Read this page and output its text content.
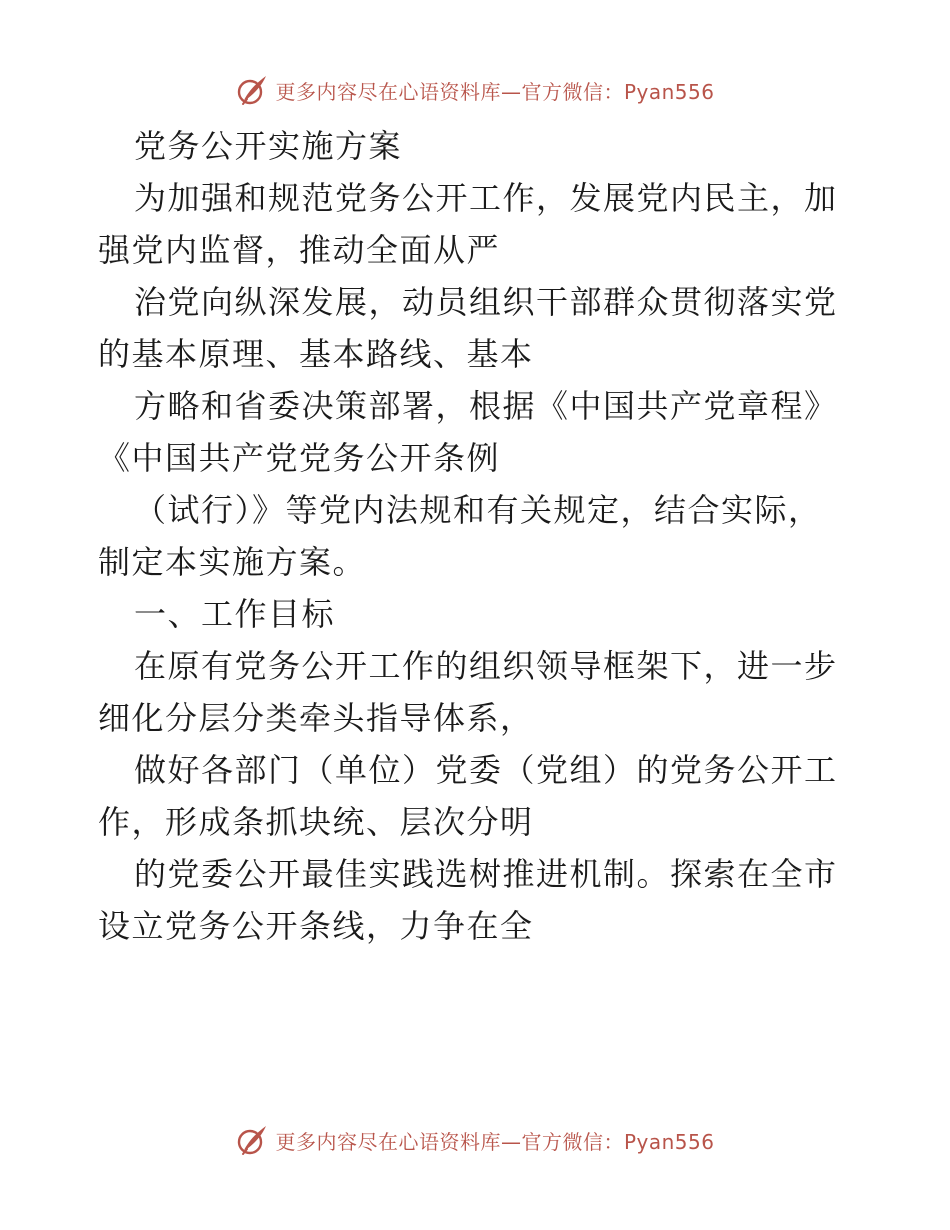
更多内容尽在心语资料库—官方微信：Pyan556

党务公开实施方案

为加强和规范党务公开工作，发展党内民主，加

强党内监督，推动全面从严

治党向纵深发展，动员组织干部群众贯彻落实党

的基本原理、基本路线、基本

方略和省委决策部署，根据《中国共产党章程》

《中国共产党党务公开条例

（试行）》等党内法规和有关规定，结合实际，

制定本实施方案。

一、工作目标

在原有党务公开工作的组织领导框架下，进一步

细化分层分类牵头指导体系，

做好各部门（单位）党委（党组）的党务公开工

作，形成条抓块统、层次分明

的党委公开最佳实践选树推进机制。探索在全市

设立党务公开条线，力争在全

更多内容尽在心语资料库—官方微信：Pyan556
